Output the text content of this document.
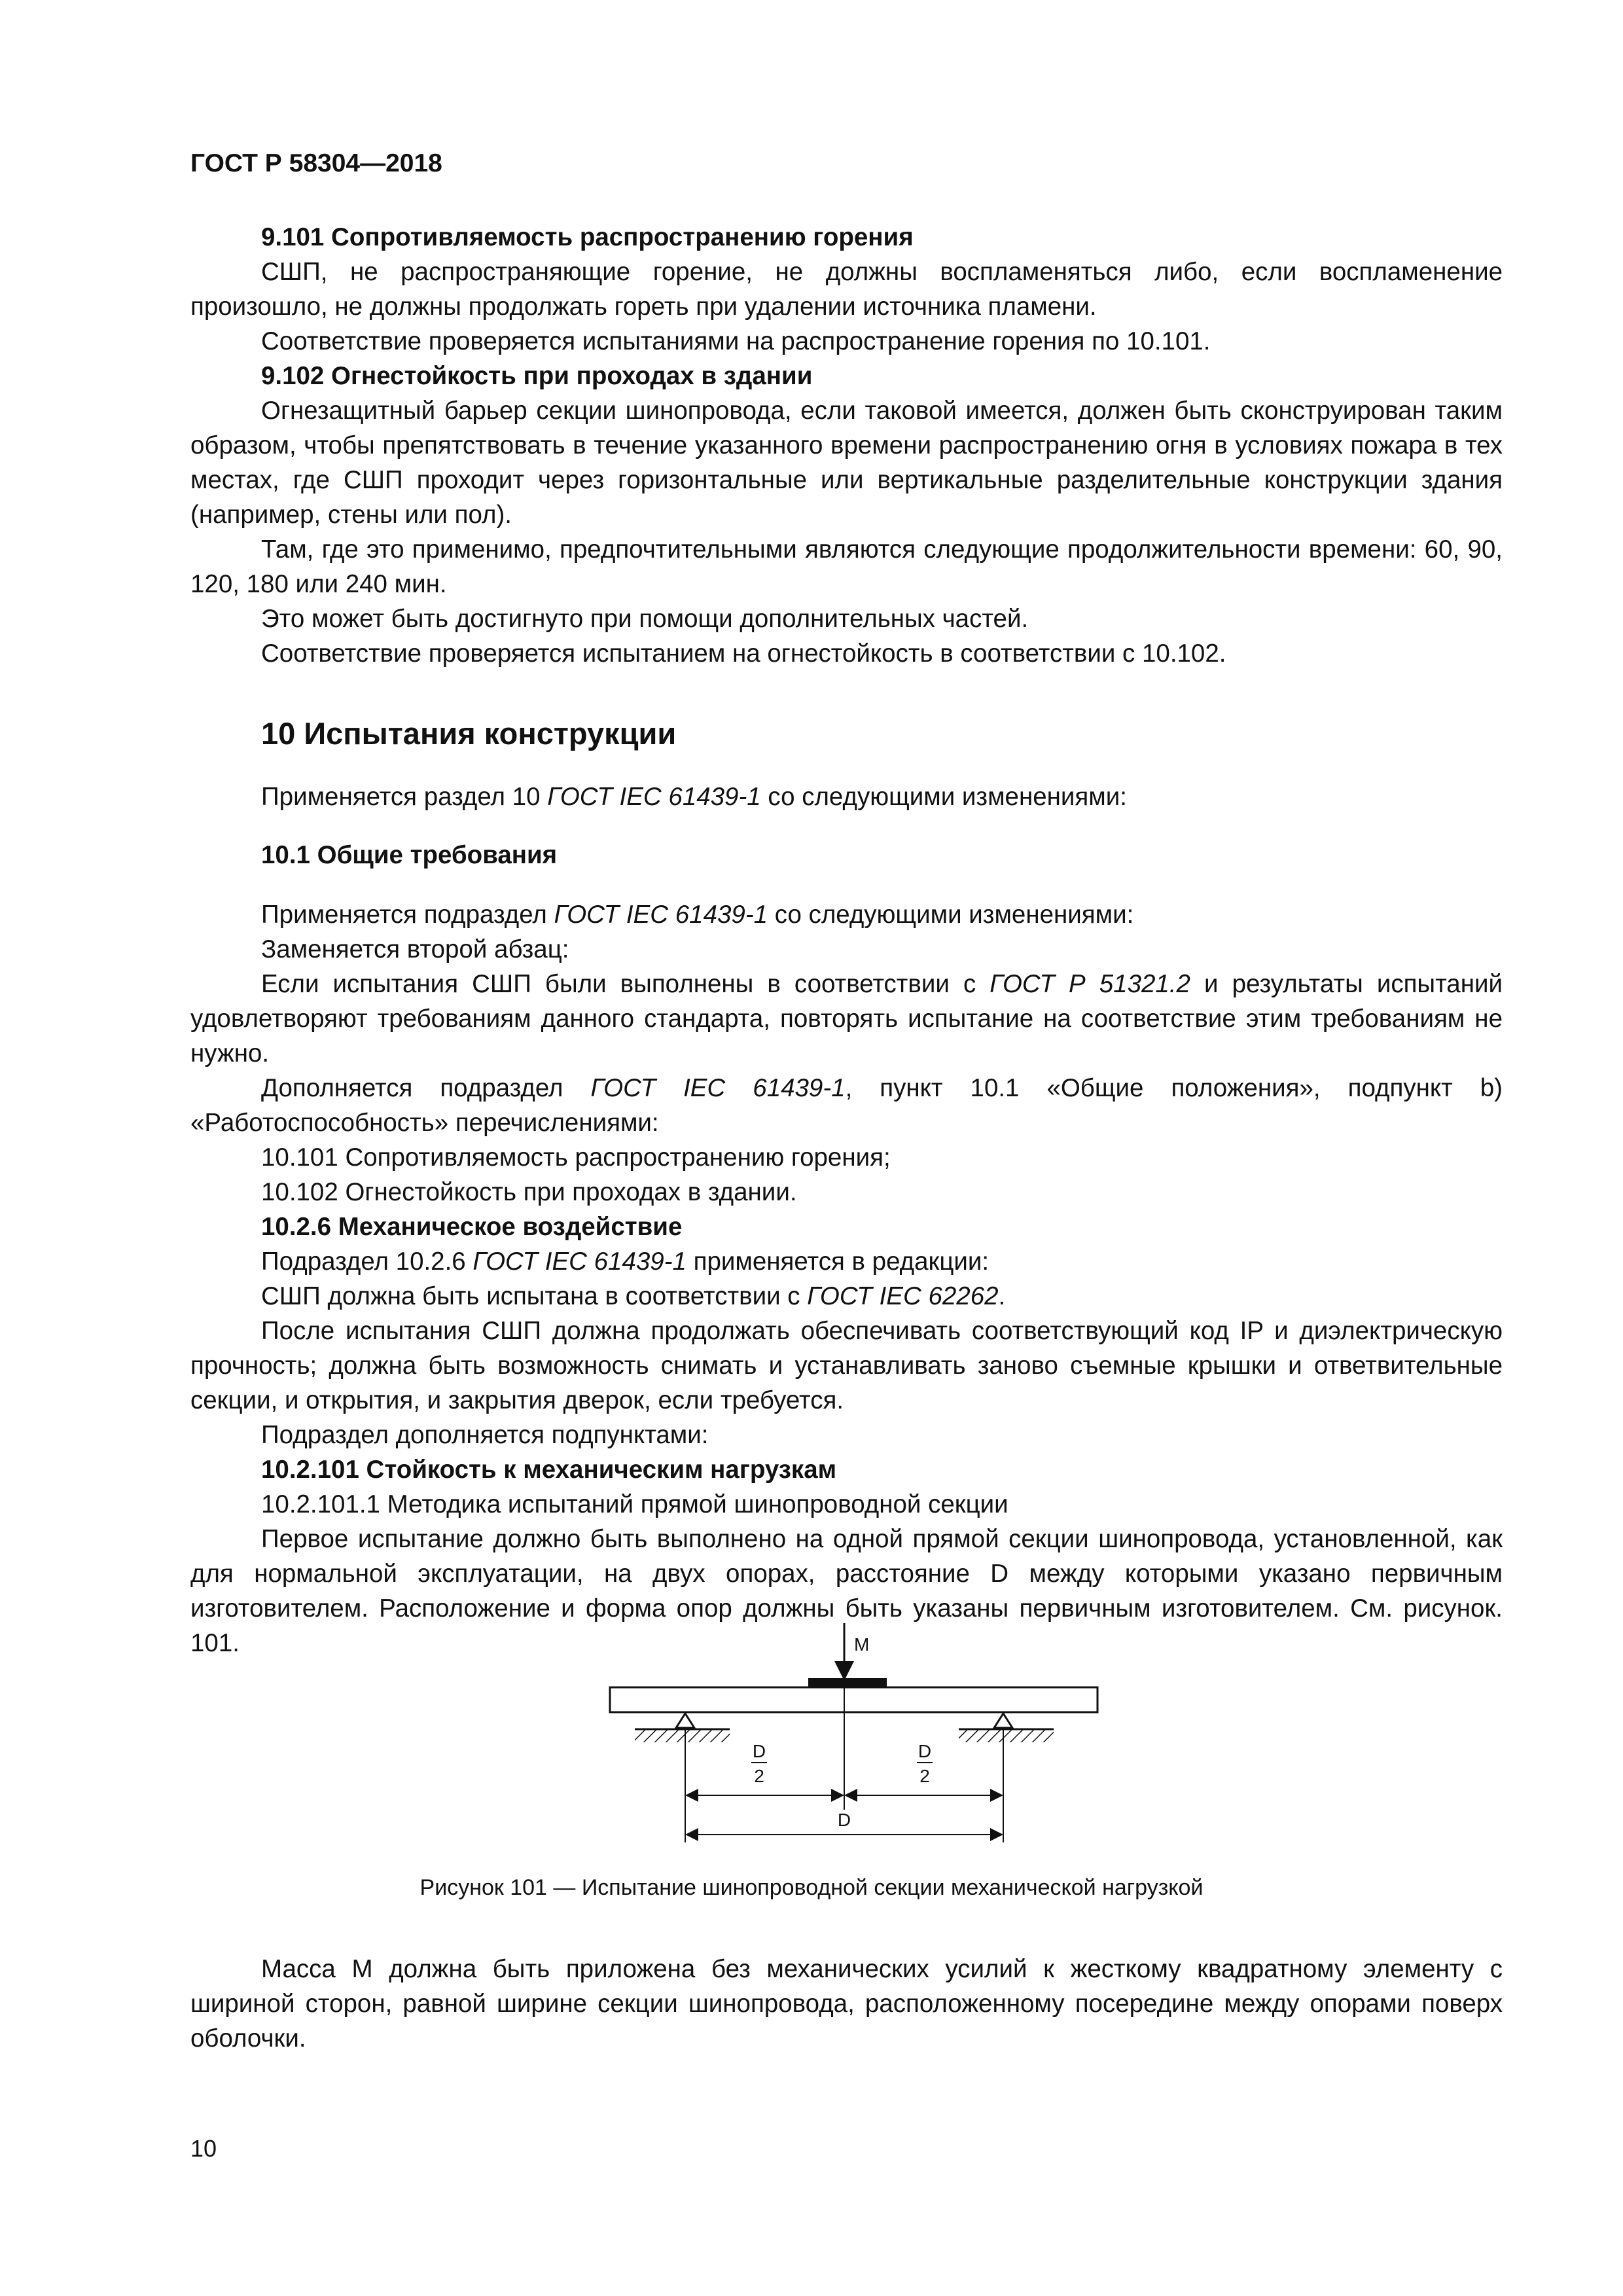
ГОСТ Р 58304—2018

9.101 Сопротивляемость распространению горения

СШП, не распространяющие горение, не должны воспламеняться либо, если воспламенение произошло, не должны продолжать гореть при удалении источника пламени.

Соответствие проверяется испытаниями на распространение горения по 10.101.

9.102 Огнестойкость при проходах в здании

Огнезащитный барьер секции шинопровода, если таковой имеется, должен быть сконструирован таким образом, чтобы препятствовать в течение указанного времени распространению огня в условиях пожара в тех местах, где СШП проходит через горизонтальные или вертикальные разделительные конструкции здания (например, стены или пол).

Там, где это применимо, предпочтительными являются следующие продолжительности времени: 60, 90, 120, 180 или 240 мин.

Это может быть достигнуто при помощи дополнительных частей.

Соответствие проверяется испытанием на огнестойкость в соответствии с 10.102.

10 Испытания конструкции

Применяется раздел 10 ГОСТ IEC 61439-1 со следующими изменениями:

10.1 Общие требования

Применяется подраздел ГОСТ IEC 61439-1 со следующими изменениями:

Заменяется второй абзац:

Если испытания СШП были выполнены в соответствии с ГОСТ Р 51321.2 и результаты испытаний удовлетворяют требованиям данного стандарта, повторять испытание на соответствие этим требованиям не нужно.

Дополняется подраздел ГОСТ IEC 61439-1, пункт 10.1 «Общие положения», подпункт b) «Работоспособность» перечислениями:

10.101 Сопротивляемость распространению горения;

10.102 Огнестойкость при проходах в здании.

10.2.6 Механическое воздействие

Подраздел 10.2.6 ГОСТ IEC 61439-1 применяется в редакции:

СШП должна быть испытана в соответствии с ГОСТ IEC 62262.

После испытания СШП должна продолжать обеспечивать соответствующий код IP и диэлектрическую прочность; должна быть возможность снимать и устанавливать заново съемные крышки и ответвительные секции, и открытия, и закрытия дверок, если требуется.

Подраздел дополняется подпунктами:

10.2.101 Стойкость к механическим нагрузкам

10.2.101.1 Методика испытаний прямой шинопроводной секции

Первое испытание должно быть выполнено на одной прямой секции шинопровода, установленной, как для нормальной эксплуатации, на двух опорах, расстояние D между которыми указано первичным изготовителем. Расположение и форма опор должны быть указаны первичным изготовителем. См. рисунок. 101.	M
D
2
D
2
D
Рисунок 101 — Испытание шинопроводной секции механической нагрузкой

Масса M должна быть приложена без механических усилий к жесткому квадратному элементу с шириной сторон, равной ширине секции шинопровода, расположенному посередине между опорами поверх оболочки.

10
